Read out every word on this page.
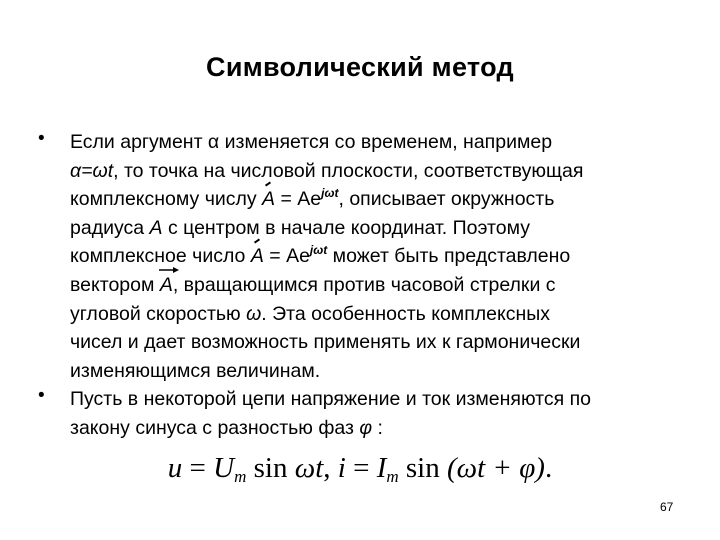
Символический метод
• Если аргумент α изменяется со временем, например
α=ωt, то точка на числовой плоскости, соответствующая
комплексному числу $A = Ae^{j\omega t}$, описывает окружность
радиуса А с центром в начале координат. Поэтому
комплексное число $A = Ae^{j\omega t}$ может быть представлено
вектором
A, вращающимся против часовой стрелки с
угловой скоростью ω. Эта особенность комплексных
чисел и дает возможность применять их к гармонически
изменяющимся величинам.
• Пусть в некоторой цепи напряжение и ток изменяются по
закону синуса с разностью фаз φ :
$u = U_m$ sin ωt, $i = I_m$ sin (ωt + φ).
67
